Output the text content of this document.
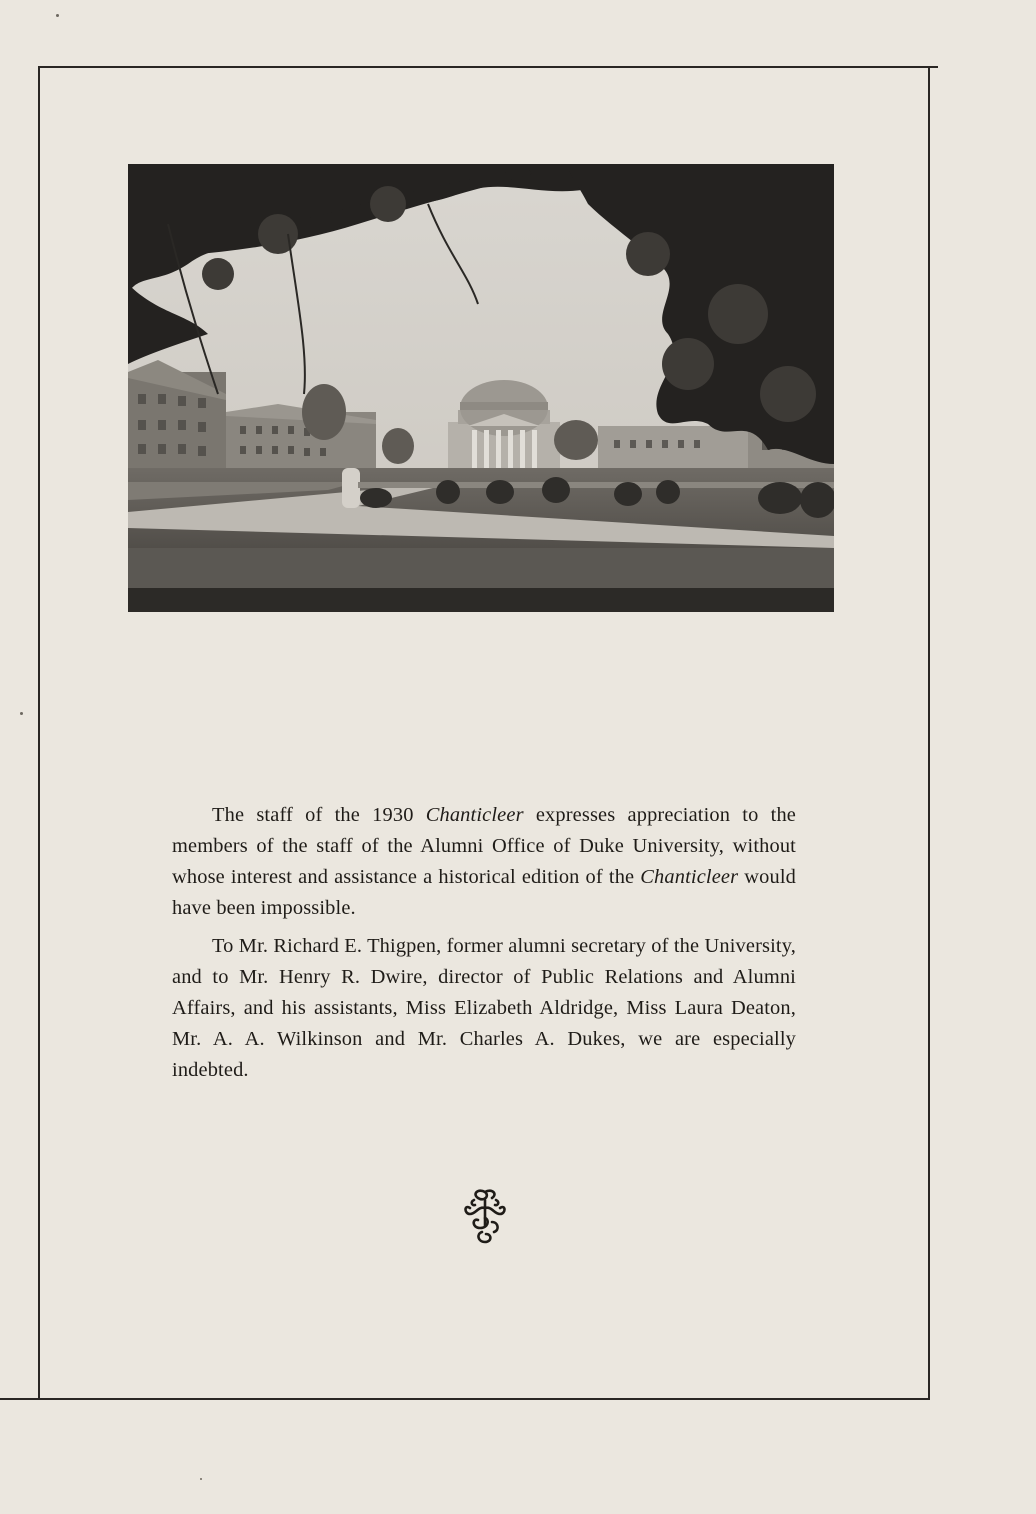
The staff of the 1930 Chanticleer expresses appreciation to the members of the staff of the Alumni Office of Duke University, without whose interest and assistance a historical edition of the Chanticleer would have been impossible.

To Mr. Richard E. Thigpen, former alumni secretary of the University, and to Mr. Henry R. Dwire, director of Public Relations and Alumni Affairs, and his assistants, Miss Elizabeth Aldridge, Miss Laura Deaton, Mr. A. A. Wilkinson and Mr. Charles A. Dukes, we are especially indebted.
